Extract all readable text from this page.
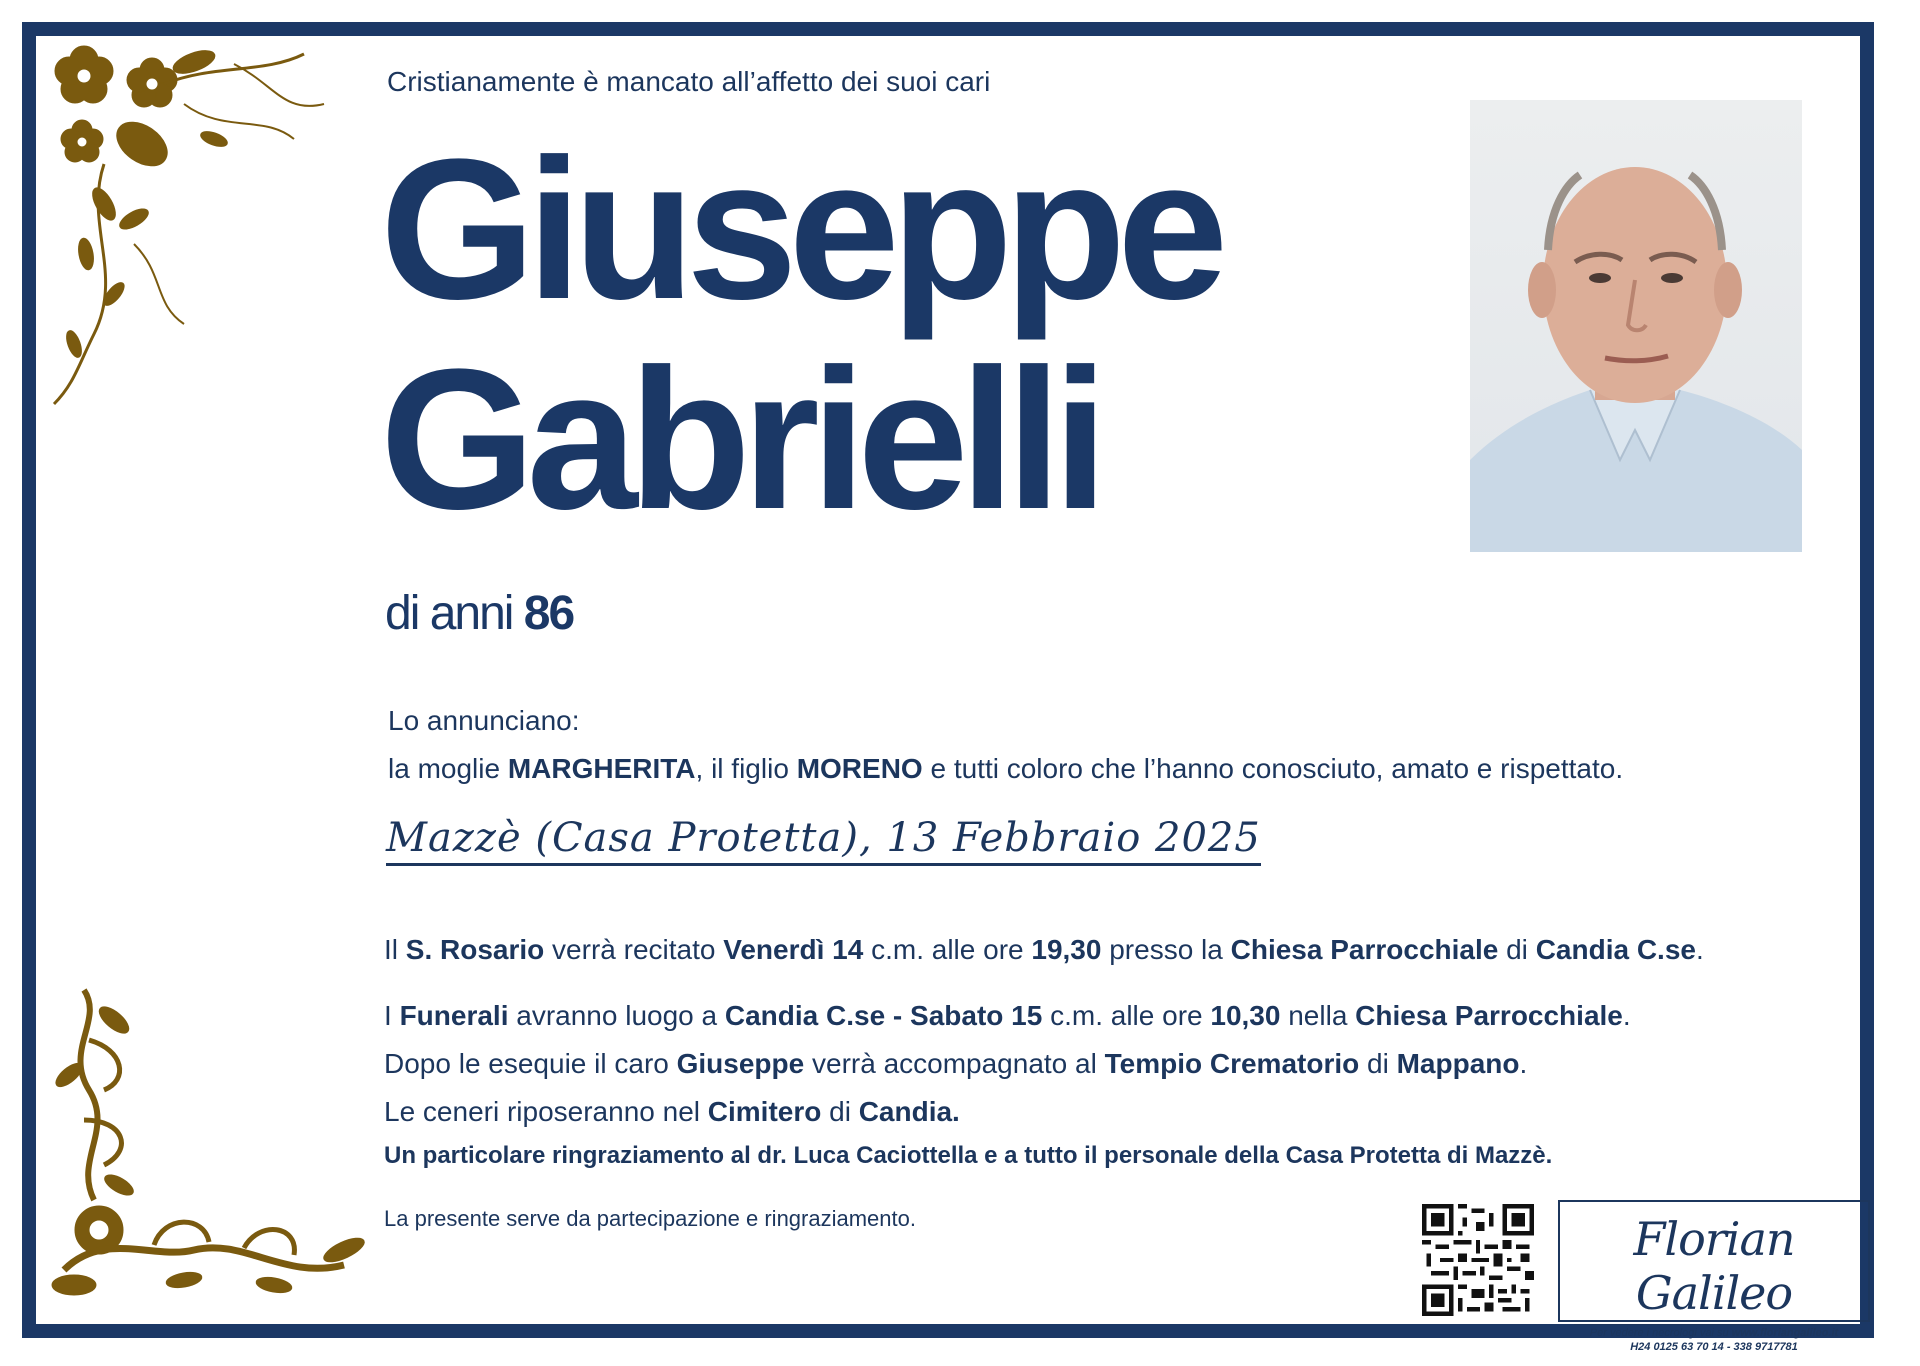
Cristianamente è mancato all’affetto dei suoi cari
Giuseppe
Gabrielli
di anni 86
Lo annunciano:
la moglie MARGHERITA, il figlio MORENO e tutti coloro che l’hanno conosciuto, amato e rispettato.
Mazzè (Casa Protetta), 13 Febbraio 2025

Il S. Rosario verrà recitato Venerdì 14 c.m. alle ore 19,30 presso la Chiesa Parrocchiale di Candia C.se.

I Funerali avranno luogo a Candia C.se - Sabato 15 c.m. alle ore 10,30 nella Chiesa Parrocchiale.

Dopo le esequie il caro Giuseppe verrà accompagnato al Tempio Crematorio di Mappano.

Le ceneri riposeranno nel Cimitero di Candia.

Un particolare ringraziamento al dr. Luca Caciottella e a tutto il personale della Casa Protetta di Mazzè.

La presente serve da partecipazione e ringraziamento.	Florian Galileo
Per vedere i necrologi vai su www.floriangalileo.it
H24 0125 63 70 14 - 338 9717781
